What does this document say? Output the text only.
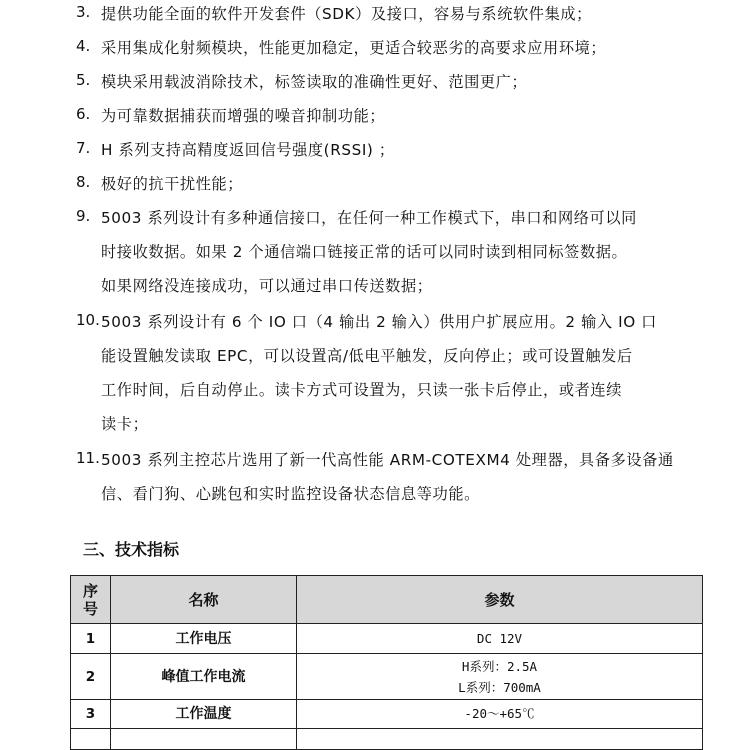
3. 提供功能全面的软件开发套件（SDK）及接口，容易与系统软件集成；
4. 采用集成化射频模块，性能更加稳定，更适合较恶劣的高要求应用环境；
5. 模块采用载波消除技术，标签读取的准确性更好、范围更广；
6. 为可靠数据捕获而增强的噪音抑制功能；
7. H 系列支持高精度返回信号强度(RSSI) ；
8. 极好的抗干扰性能；
9. 5003 系列设计有多种通信接口，在任何一种工作模式下，串口和网络可以同
时接收数据。如果 2 个通信端口链接正常的话可以同时读到相同标签数据。
如果网络没连接成功，可以通过串口传送数据；
10. 5003 系列设计有 6 个 IO 口（4 输出 2 输入）供用户扩展应用。2 输入 IO 口
能设置触发读取 EPC，可以设置高/低电平触发，反向停止；或可设置触发后
工作时间，后自动停止。读卡方式可设置为，只读一张卡后停止，或者连续
读卡；
11. 5003 系列主控芯片选用了新一代高性能 ARM-COTEXM4 处理器，具备多设备通
信、看门狗、心跳包和实时监控设备状态信息等功能。
三、技术指标
序号	名称	参数
1	工作电压	DC 12V

2	峰值工作电流	H系列：2.5A
L系列：700mA

3	工作温度	-20～+65℃
